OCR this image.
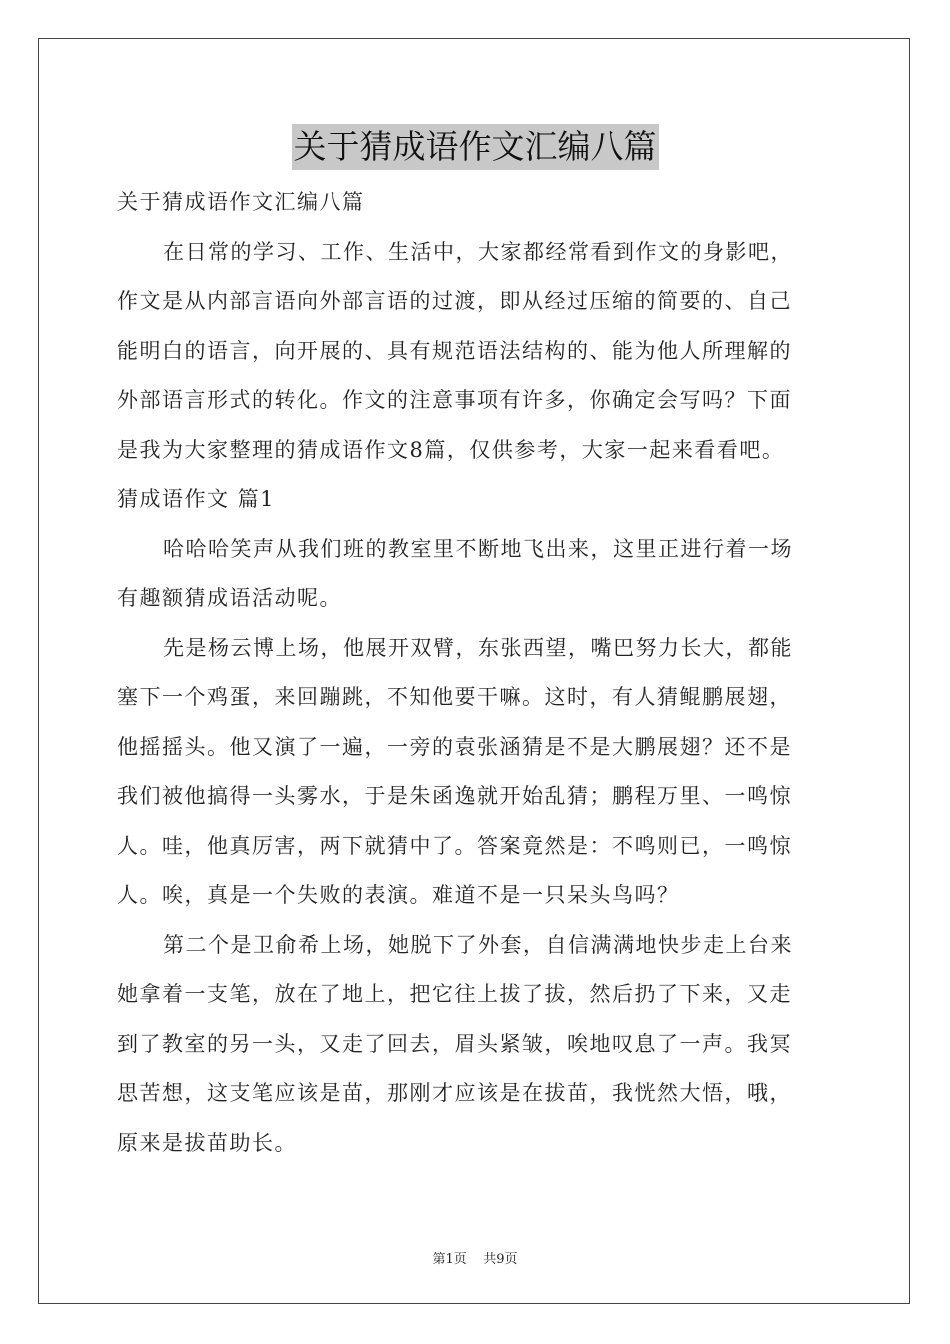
关于猜成语作文汇编八篇
关于猜成语作文汇编八篇
在日常的学习、工作、生活中，大家都经常看到作文的身影吧，
作文是从内部言语向外部言语的过渡，即从经过压缩的简要的、自己
能明白的语言，向开展的、具有规范语法结构的、能为他人所理解的
外部语言形式的转化。作文的注意事项有许多，你确定会写吗？下面
是我为大家整理的猜成语作文8篇，仅供参考，大家一起来看看吧。
猜成语作文 篇1
哈哈哈笑声从我们班的教室里不断地飞出来，这里正进行着一场
有趣额猜成语活动呢。
先是杨云博上场，他展开双臂，东张西望，嘴巴努力长大，都能
塞下一个鸡蛋，来回蹦跳，不知他要干嘛。这时，有人猜鲲鹏展翅，
他摇摇头。他又演了一遍，一旁的袁张涵猜是不是大鹏展翅？还不是
我们被他搞得一头雾水，于是朱函逸就开始乱猜；鹏程万里、一鸣惊
人。哇，他真厉害，两下就猜中了。答案竟然是：不鸣则已，一鸣惊
人。唉，真是一个失败的表演。难道不是一只呆头鸟吗？
第二个是卫俞希上场，她脱下了外套，自信满满地快步走上台来
她拿着一支笔，放在了地上，把它往上拔了拔，然后扔了下来，又走
到了教室的另一头，又走了回去，眉头紧皱，唉地叹息了一声。我冥
思苦想，这支笔应该是苗，那刚才应该是在拔苗，我恍然大悟，哦，
原来是拔苗助长。
第1页 共9页
